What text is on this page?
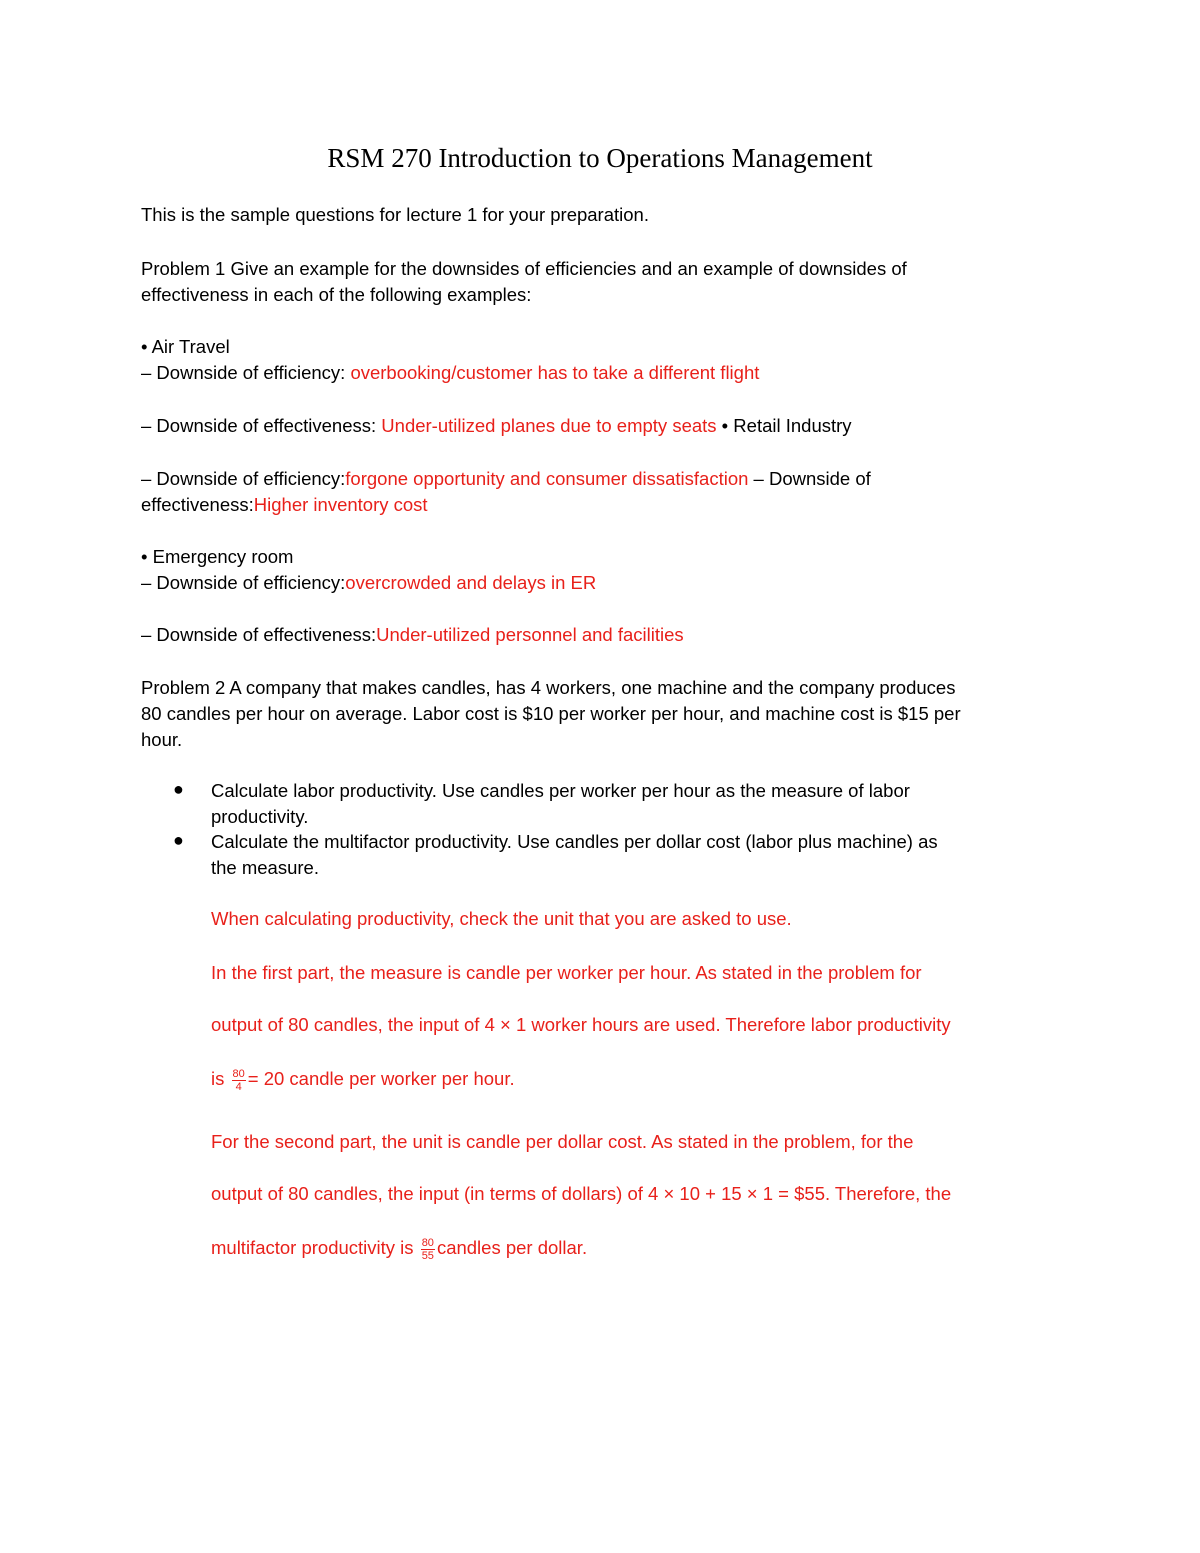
RSM 270 Introduction to Operations Management
This is the sample questions for lecture 1 for your preparation.
Problem 1 Give an example for the downsides of efficiencies and an example of downsides of
effectiveness in each of the following examples:
• Air Travel
– Downside of efficiency: overbooking/customer has to take a different flight
– Downside of effectiveness: Under-utilized planes due to empty seats • Retail Industry
– Downside of efficiency:forgone opportunity and consumer dissatisfaction – Downside of
effectiveness:Higher inventory cost
• Emergency room
– Downside of efficiency:overcrowded and delays in ER
– Downside of effectiveness:Under-utilized personnel and facilities
Problem 2 A company that makes candles, has 4 workers, one machine and the company produces
80 candles per hour on average. Labor cost is $10 per worker per hour, and machine cost is $15 per
hour.
● Calculate labor productivity. Use candles per worker per hour as the measure of labor
productivity.
● Calculate the multifactor productivity. Use candles per dollar cost (labor plus machine) as
the measure.
When calculating productivity, check the unit that you are asked to use.
In the first part, the measure is candle per worker per hour. As stated in the problem for
output of 80 candles, the input of 4 × 1 worker hours are used. Therefore labor productivity
is $\frac{80}{4} = 20$ candle per worker per hour.
For the second part, the unit is candle per dollar cost. As stated in the problem, for the
output of 80 candles, the input (in terms of dollars) of 4 × 10 + 15 × 1 = $55. Therefore, the
multifactor productivity is $\frac{80}{55}$ candles per dollar.
